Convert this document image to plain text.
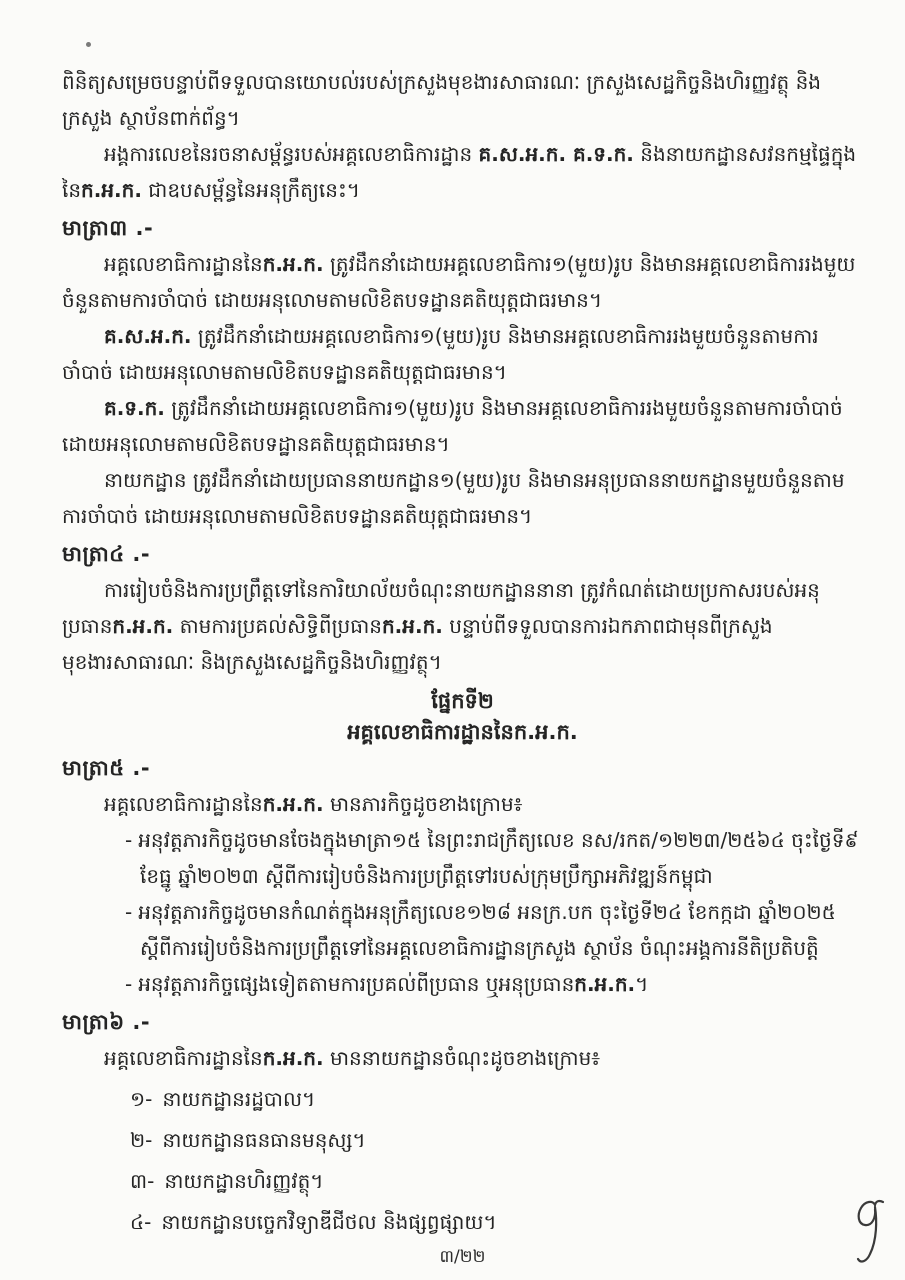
ពិនិត្យសម្រេចបន្ទាប់ពីទទួលបានយោបល់របស់ក្រសួងមុខងារសាធារណៈ ក្រសួងសេដ្ឋកិច្ចនិងហិរញ្ញវត្ថុ និងក្រសួង ស្ថាប័នពាក់ព័ន្ធ។

អង្គការលេខនៃរចនាសម្ព័ន្ធរបស់អគ្គលេខាធិការដ្ឋាន គ.ស.អ.ក. គ.ទ.ក. និងនាយកដ្ឋានសវនកម្មផ្ទៃក្នុងនៃក.អ.ក. ជាឧបសម្ព័ន្ធនៃអនុក្រឹត្យនេះ។

មាត្រា៣ .-

អគ្គលេខាធិការដ្ឋាននៃក.អ.ក. ត្រូវដឹកនាំដោយអគ្គលេខាធិការ១(មួយ)រូប និងមានអគ្គលេខាធិការរងមួយចំនួនតាមការចាំបាច់ ដោយអនុលោមតាមលិខិតបទដ្ឋានគតិយុត្តជាធរមាន។

គ.ស.អ.ក. ត្រូវដឹកនាំដោយអគ្គលេខាធិការ១(មួយ)រូប និងមានអគ្គលេខាធិការរងមួយចំនួនតាមការចាំបាច់ ដោយអនុលោមតាមលិខិតបទដ្ឋានគតិយុត្តជាធរមាន។

គ.ទ.ក. ត្រូវដឹកនាំដោយអគ្គលេខាធិការ១(មួយ)រូប និងមានអគ្គលេខាធិការរងមួយចំនួនតាមការចាំបាច់ ដោយអនុលោមតាមលិខិតបទដ្ឋានគតិយុត្តជាធរមាន។

នាយកដ្ឋាន ត្រូវដឹកនាំដោយប្រធាននាយកដ្ឋាន១(មួយ)រូប និងមានអនុប្រធាននាយកដ្ឋានមួយចំនួនតាមការចាំបាច់ ដោយអនុលោមតាមលិខិតបទដ្ឋានគតិយុត្តជាធរមាន។

មាត្រា៤ .-

ការរៀបចំនិងការប្រព្រឹត្តទៅនៃការិយាល័យចំណុះនាយកដ្ឋាននានា ត្រូវកំណត់ដោយប្រកាសរបស់អនុប្រធានក.អ.ក. តាមការប្រគល់សិទ្ធិពីប្រធានក.អ.ក. បន្ទាប់ពីទទួលបានការឯកភាពជាមុនពីក្រសួងមុខងារសាធារណៈ និងក្រសួងសេដ្ឋកិច្ចនិងហិរញ្ញវត្ថុ។

ផ្នែកទី២

អគ្គលេខាធិការដ្ឋាននៃក.អ.ក.

មាត្រា៥ .-

អគ្គលេខាធិការដ្ឋាននៃក.អ.ក. មានភារកិច្ចដូចខាងក្រោម៖

- អនុវត្តភារកិច្ចដូចមានចែងក្នុងមាត្រា១៥ នៃព្រះរាជក្រឹត្យលេខ នស/រកត/១២២៣/២៥៦៤ ចុះថ្ងៃទី៩ ខែធ្នូ ឆ្នាំ២០២៣ ស្តីពីការរៀបចំនិងការប្រព្រឹត្តទៅរបស់ក្រុមប្រឹក្សាអភិវឌ្ឍន៍កម្ពុជា
- អនុវត្តភារកិច្ចដូចមានកំណត់ក្នុងអនុក្រឹត្យលេខ១២៨ អនក្រ.បក ចុះថ្ងៃទី២៤ ខែកក្កដា ឆ្នាំ២០២៥ ស្តីពីការរៀបចំនិងការប្រព្រឹត្តទៅនៃអគ្គលេខាធិការដ្ឋានក្រសួង ស្ថាប័ន ចំណុះអង្គការនីតិប្រតិបត្តិ
- អនុវត្តភារកិច្ចផ្សេងទៀតតាមការប្រគល់ពីប្រធាន ឬអនុប្រធានក.អ.ក.។

មាត្រា៦ .-

អគ្គលេខាធិការដ្ឋាននៃក.អ.ក. មាននាយកដ្ឋានចំណុះដូចខាងក្រោម៖

១- នាយកដ្ឋានរដ្ឋបាល។
២- នាយកដ្ឋានធនធានមនុស្ស។
៣- នាយកដ្ឋានហិរញ្ញវត្ថុ។
៤- នាយកដ្ឋានបច្ចេកវិទ្យាឌីជីថល និងផ្សព្វផ្សាយ។
៣/២២
